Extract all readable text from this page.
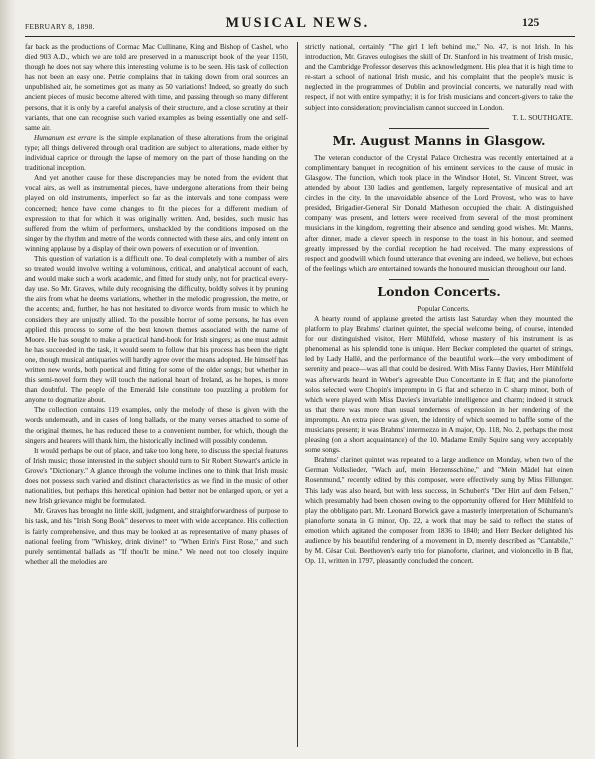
FEBRUARY 8, 1898.	MUSICAL NEWS.	125

far back as the productions of Cormac Mac Cullinane, King and Bishop of Cashel, who died 903 A.D., which we are told are preserved in a manuscript book of the year 1150, though he does not say where this interesting volume is to be seen. His task of collection has not been an easy one. Petrie complains that in taking down from oral sources an unpublished air, he sometimes got as many as 50 variations! Indeed, so greatly do such ancient pieces of music become altered with time, and passing through so many different persons, that it is only by a careful analysis of their structure, and a close scrutiny at their variants, that one can recognise such varied examples as being essentially one and self-same air.

Humanum est errare is the simple explanation of these alterations from the original type; all things delivered through oral tradition are subject to alterations, made either by individual caprice or through the lapse of memory on the part of those handing on the traditional inception.

And yet another cause for these discrepancies may be noted from the evident that vocal airs, as well as instrumental pieces, have undergone alterations from their being played on old instruments, imperfect so far as the intervals and tone compass were concerned; hence have come changes to fit the pieces for a different medium of expression to that for which it was originally written. And, besides, such music has suffered from the whim of performers, unshackled by the conditions imposed on the singer by the rhythm and metre of the words connected with these airs, and only intent on winning applause by a display of their own powers of execution or of invention.

This question of variation is a difficult one. To deal completely with a number of airs so treated would involve writing a voluminous, critical, and analytical account of each, and would make such a work academic, and fitted for study only, not for practical every-day use. So Mr. Graves, while duly recognising the difficulty, boldly solves it by pruning the airs from what he deems variations, whether in the melodic progression, the metre, or the accents; and, further, he has not hesitated to divorce words from music to which he considers they are unjustly allied. To the possible horror of some persons, he has even applied this process to some of the best known themes associated with the name of Moore. He has sought to make a practical hand-book for Irish singers; as one must admit he has succeeded in the task, it would seem to follow that his process has been the right one, though musical antiquaries will hardly agree over the means adopted. He himself has written new words, both poetical and fitting for some of the older songs; but whether in this semi-novel form they will touch the national heart of Ireland, as he hopes, is more than doubtful. The people of the Emerald Isle constitute too puzzling a problem for anyone to dogmatize about.

The collection contains 119 examples, only the melody of these is given with the words underneath, and in cases of long ballads, or the many verses attached to some of the original themes, he has reduced these to a convenient number, for which, though the singers and hearers will thank him, the historically inclined will possibly condemn.

It would perhaps be out of place, and take too long here, to discuss the special features of Irish music; those interested in the subject should turn to Sir Robert Stewart's article in Grove's "Dictionary." A glance through the volume inclines one to think that Irish music does not possess such varied and distinct characteristics as we find in the music of other nationalities, but perhaps this heretical opinion had better not be enlarged upon, or yet a new Irish grievance might be formulated.

Mr. Graves has brought no little skill, judgment, and straightforwardness of purpose to his task, and his "Irish Song Book" deserves to meet with wide acceptance. His collection is fairly comprehensive, and thus may be looked at as representative of many phases of national feeling from "Whiskey, drink divine!" to "When Erin's First Rose," and such purely sentimental ballads as "If thou'lt be mine." We need not too closely inquire whether all the melodies are

strictly national, certainly "The girl I left behind me," No. 47, is not Irish. In his introduction, Mr. Graves eulogises the skill of Dr. Stanford in his treatment of Irish music, and the Cambridge Professor deserves this acknowledgment. His plea that it is high time to re-start a school of national Irish music, and his complaint that the people's music is neglected in the programmes of Dublin and provincial concerts, we naturally read with respect, if not with entire sympathy; it is for Irish musicians and concert-givers to take the subject into consideration; provincialism cannot succeed in London.

T. L. SOUTHGATE.

Mr. August Manns in Glasgow.

The veteran conductor of the Crystal Palace Orchestra was recently entertained at a complimentary banquet in recognition of his eminent services to the cause of music in Glasgow. The function, which took place in the Windsor Hotel, St. Vincent Street, was attended by about 130 ladies and gentlemen, largely representative of musical and art circles in the city. In the unavoidable absence of the Lord Provost, who was to have presided, Brigadier-General Sir Donald Matheson occupied the chair. A distinguished company was present, and letters were received from several of the most prominent musicians in the kingdom, regretting their absence and sending good wishes. Mr. Manns, after dinner, made a clever speech in response to the toast in his honour, and seemed greatly impressed by the cordial reception he had received. The many expressions of respect and goodwill which found utterance that evening are indeed, we believe, but echoes of the feelings which are entertained towards the honoured musician throughout our land.

London Concerts.

Popular Concerts.

A hearty round of applause greeted the artists last Saturday when they mounted the platform to play Brahms' clarinet quintet, the special welcome being, of course, intended for our distinguished visitor, Herr Mühlfeld, whose mastery of his instrument is as phenomenal as his splendid tone is unique. Herr Becker completed the quartet of strings, led by Lady Hallé, and the performance of the beautiful work—the very embodiment of serenity and peace—was all that could be desired. With Miss Fanny Davies, Herr Mühlfeld was afterwards heard in Weber's agreeable Duo Concertante in E flat; and the pianoforte solos selected were Chopin's impromptu in G flat and scherzo in C sharp minor, both of which were played with Miss Davies's invariable intelligence and charm; indeed it struck us that there was more than usual tenderness of expression in her rendering of the impromptu. An extra piece was given, the identity of which seemed to baffle some of the musicians present; it was Brahms' intermezzo in A major, Op. 118, No. 2, perhaps the most pleasing (on a short acquaintance) of the 10. Madame Emily Squire sang very acceptably some songs.

Brahms' clarinet quintet was repeated to a large audience on Monday, when two of the German Volkslieder, "Wach auf, mein Herzensschöne," and "Mein Mädel hat einen Rosenmund," recently edited by this composer, were effectively sung by Miss Fillunger. This lady was also heard, but with less success, in Schubert's "Der Hirt auf dem Felsen," which presumably had been chosen owing to the opportunity offered for Herr Mühlfeld to play the obbligato part. Mr. Leonard Borwick gave a masterly interpretation of Schumann's pianoforte sonata in G minor, Op. 22, a work that may be said to reflect the states of emotion which agitated the composer from 1836 to 1840; and Herr Becker delighted his audience by his beautiful rendering of a movement in D, merely described as "Cantabile," by M. César Cui. Beethoven's early trio for pianoforte, clarinet, and violoncello in B flat, Op. 11, written in 1797, pleasantly concluded the concert.
